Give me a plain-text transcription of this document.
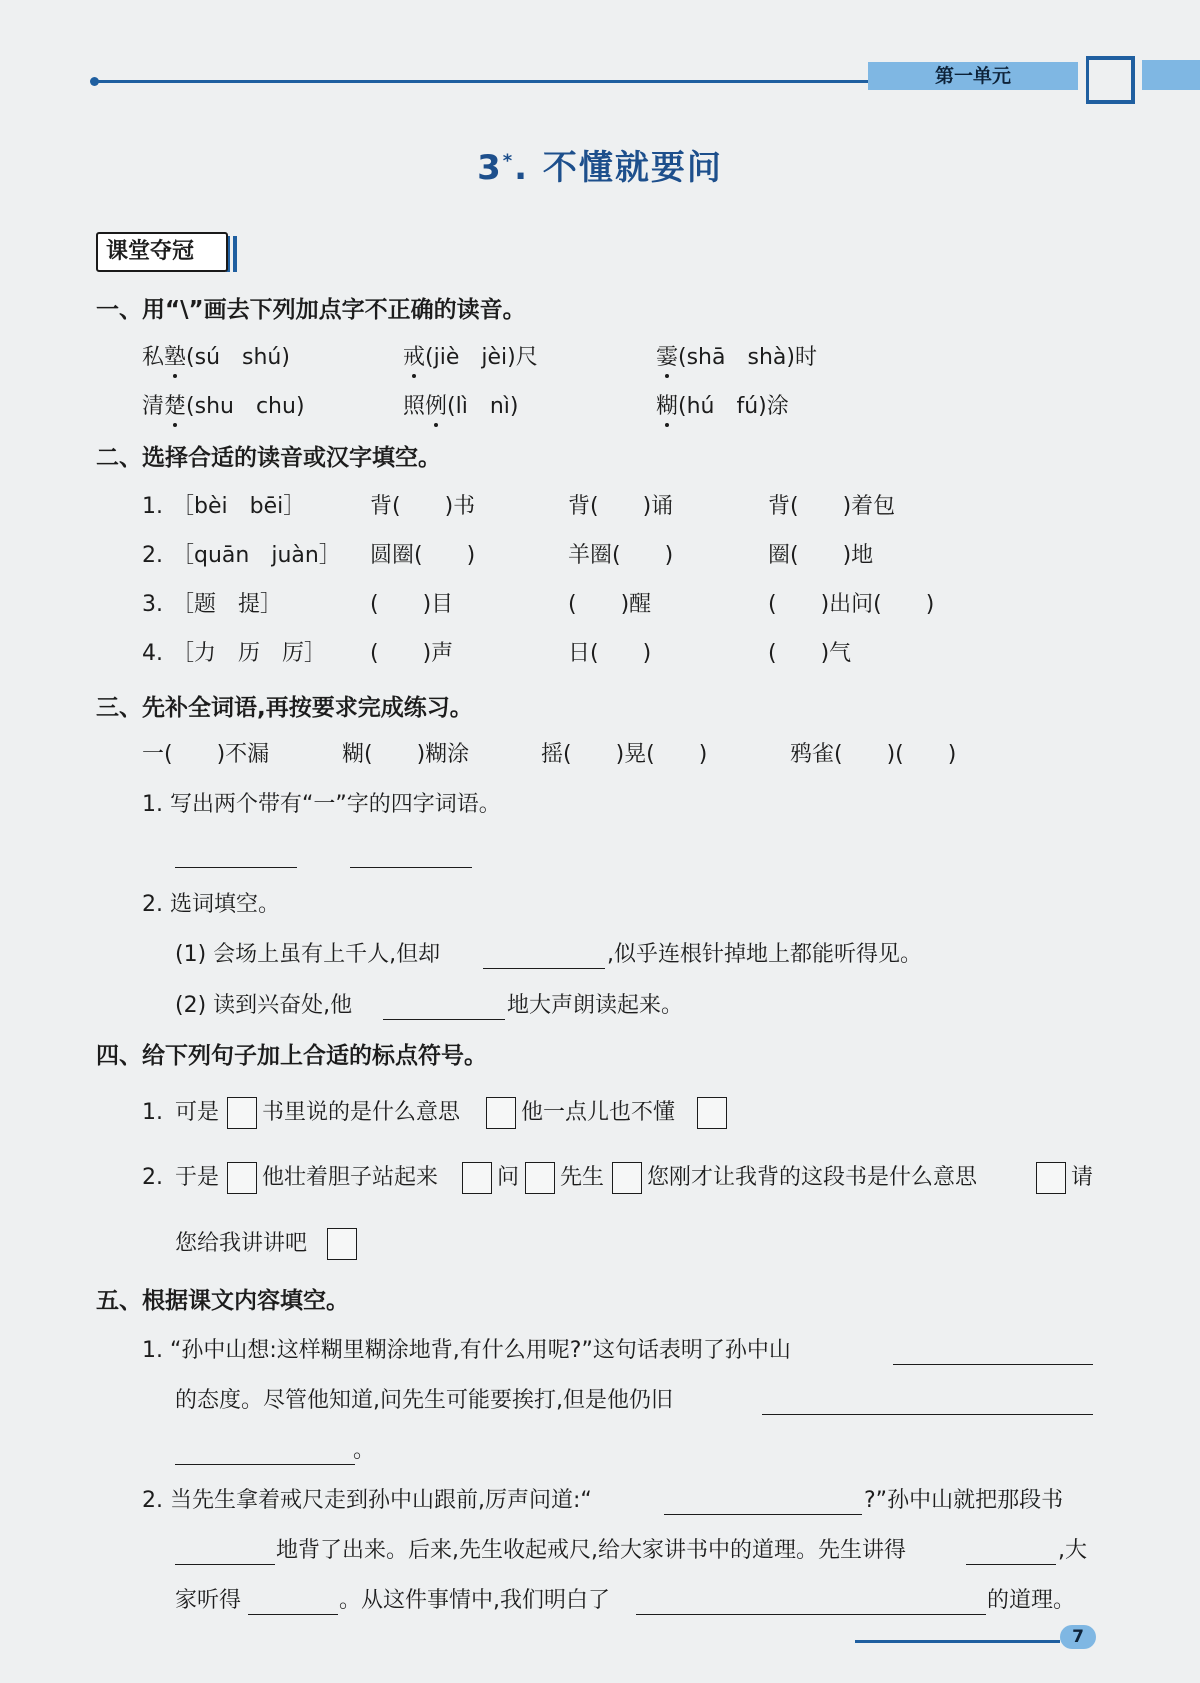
第一单元
3*. 不懂就要问
课堂夺冠
一、用“\”画去下列加点字不正确的读音。
私塾(sú　shú)	戒(jiè　jèi)尺	霎(shā　shà)时
清楚(shu　chu)	照例(lì　nì)	糊(hú　fú)涂
二、选择合适的读音或汉字填空。
1. ［bèi　bēi］	背(　　)书	背(　　)诵	背(　　)着包
2. ［quān　juàn］ 圆圈(　　)	羊圈(　　)	圈(　　)地
3. ［题　提］	(　　)目	(　　)醒	(　　)出问(　　)
4. ［力　历　厉］ (　　)声	日(　　)	(　　)气
三、先补全词语,再按要求完成练习。
一(　　)不漏	糊(　　)糊涂	摇(　　)晃(　　)	鸦雀(　　)(　　)
1. 写出两个带有“一”字的四字词语。
2. 选词填空。
(1) 会场上虽有上千人,但却	,似乎连根针掉地上都能听得见。
(2) 读到兴奋处,他	地大声朗读起来。
四、给下列句子加上合适的标点符号。
1. 可是 书里说的是什么意思	他一点儿也不懂
2. 于是 他壮着胆子站起来	问 先生 您刚才让我背的这段书是什么意思	请
您给我讲讲吧
五、根据课文内容填空。
1. “孙中山想:这样糊里糊涂地背,有什么用呢?”这句话表明了孙中山
的态度。尽管他知道,问先生可能要挨打,但是他仍旧
。
2. 当先生拿着戒尺走到孙中山跟前,厉声问道:“	?”孙中山就把那段书
地背了出来。后来,先生收起戒尺,给大家讲书中的道理。先生讲得	,大
家听得	。从这件事情中,我们明白了	的道理。
7
